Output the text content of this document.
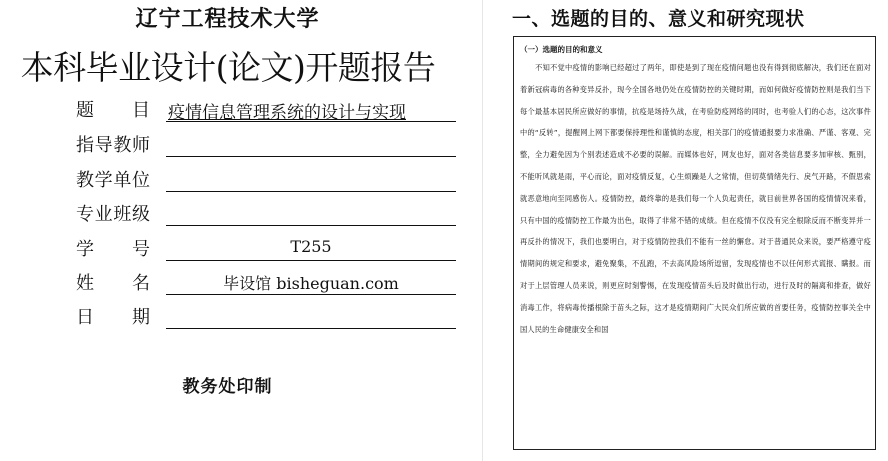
辽宁工程技术大学
本科毕业设计(论文)开题报告
题　目 疫情信息管理系统的设计与实现
指导教师
教学单位
专业班级
学　号	T255
姓　名	毕设馆 bisheguan.com
日　期
教务处印制
一、选题的目的、意义和研究现状
（一）选题的目的和意义

不知不觉中疫情的影响已经超过了两年，即使是到了现在疫情问题也没有得到彻底解决，我们还在面对着新冠病毒的各种变异反扑，现今全国各地仍处在疫情防控的关键时期，而如何做好疫情防控则是我们当下每个最基本居民所应做好的事情，抗疫是场持久战，在考验防疫网络的同时，也考验人们的心态，这次事件中的“反转”，提醒网上网下都要保持理性和谨慎的态度，相关部门的疫情通报要力求准确、严谨、客观、完整，全力避免因为个别表述造成不必要的误解。而媒体也好，网友也好，面对各类信息要多加审核、甄别，不能听风就是雨，平心而论，面对疫情反复，心生烦躁是人之常情，但切莫情绪先行、戾气开路，不假思索就恶意地向至同感伤人。疫情防控，最终靠的是我们每一个人负起责任，就目前世界各国的疫情情况来看，只有中国的疫情防控工作最为出色，取得了非常不错的成绩。但在疫情不仅没有完全根除反而不断变异并一再反扑的情况下，我们也要明白，对于疫情防控我们不能有一丝的懈怠。对于普通民众来说，要严格遵守疫情期间的规定和要求，避免聚集，不乱跑，不去高风险场所逗留，发现疫情也不以任何形式谎报、瞒报。而对于上层管理人员来说，则更应时刻警惕，在发现疫情苗头后及时做出行动，进行及时的隔离和排查，做好消毒工作，将病毒传播根除于苗头之际，这才是疫情期间广大民众们所应做的首要任务，疫情防控事关全中国人民的生命健康安全和国
